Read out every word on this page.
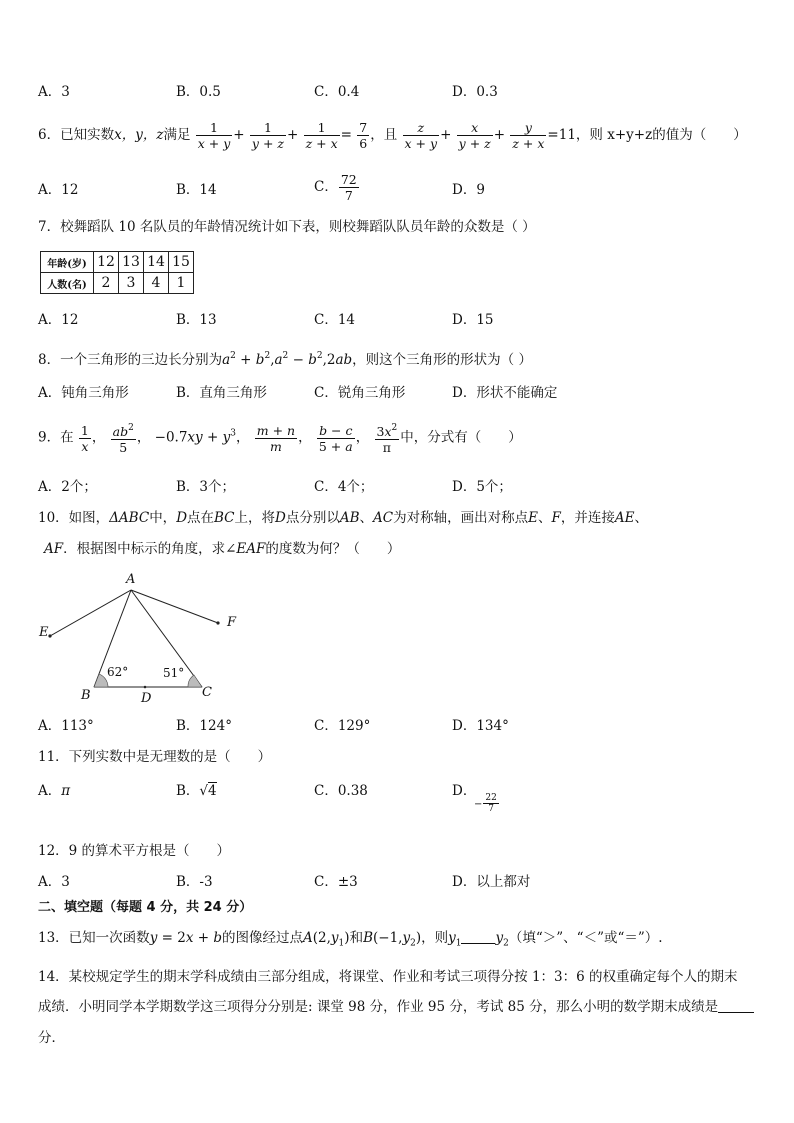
A．3	B．0.5	C．0.4	D．0.3
6．已知实数x，y，z满足 $\frac{1}{x + y} + \frac{1}{y + z} + \frac{1}{z + x} = \frac{7}{6}$ ，且 $\frac{z}{x + y} + \frac{x}{y + z} + \frac{y}{z + x} =11$，则 x+y+z的值为（　　）
A．12	B．14	C． $\frac{72}{7}$	D．9
7．校舞蹈队 10 名队员的年龄情况统计如下表，则校舞蹈队队员年龄的众数是（ ）
年龄(岁)	12	13	14	15
人数(名)	2	3	4	1
A．12	B．13	C．14	D．15
8．一个三角形的三边长分别为$a^2 + b^2,a^2 - b^2,2ab$，则这个三角形的形状为（ ）
A．钝角三角形	B．直角三角形	C．锐角三角形	D．形状不能确定
9．在 $\frac{1}{x}$ ， $\frac{ab^2}{5}$ ， $-0.7xy + y^3$， $\frac{m + n}{m}$ ， $\frac{b - c}{5 + a}$ ， $\frac{3x^2}{\pi}$ 中，分式有（　　）
A．2个；	B．3个；	C．4个；	D．5个；
10．如图，ΔABC中，D点在BC上，将D点分别以AB、AC为对称轴，画出对称点E、F，并连接AE、
AF．根据图中标示的角度，求∠EAF的度数为何？（　　）
A
E
F
B	D	C
62°	51°
A．113°	B．124°	C．129°	D．134°
11．下列实数中是无理数的是（　　）
A．π	B．√4	C．0.38	D．
− $\frac{22}{7}$
12．9 的算术平方根是（　　）
A．3	B．-3	C．±3	D．以上都对
二、填空题（每题 4 分，共 24 分）
13．已知一次函数y = 2x + b的图像经过点$A(2,y_1)$和$B(-1,y_2)$，则$y_1$	$y_2$（填“＞”、“＜”或“＝”）.
14．某校规定学生的期末学科成绩由三部分组成，将课堂、作业和考试三项得分按 1：3：6 的权重确定每个人的期末
成绩．小明同学本学期数学这三项得分分别是: 课堂 98 分，作业 95 分，考试 85 分，那么小明的数学期末成绩是
分．
